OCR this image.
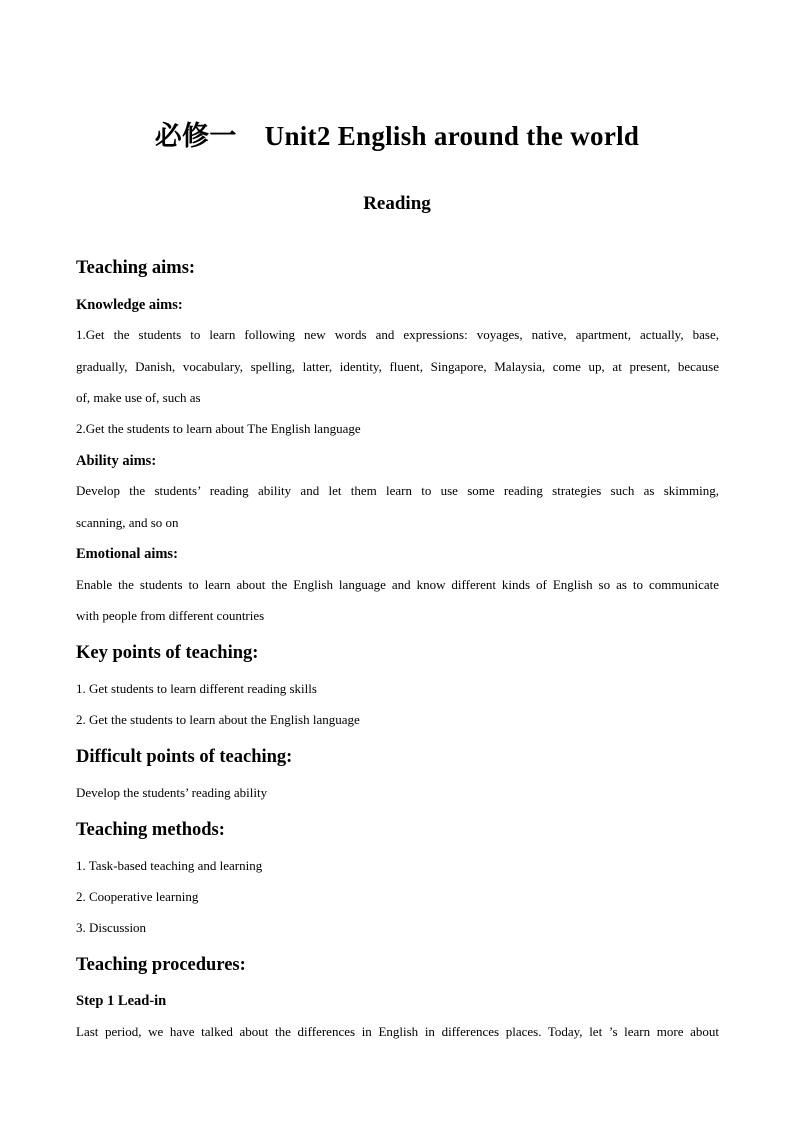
必修一 Unit2 English around the world
Reading
Teaching aims:
Knowledge aims:
1.Get the students to learn following new words and expressions: voyages, native, apartment, actually, base,
gradually, Danish, vocabulary, spelling, latter, identity, fluent, Singapore, Malaysia, come up, at present, because
of, make use of, such as
2.Get the students to learn about The English language
Ability aims:
Develop the students’ reading ability and let them learn to use some reading strategies such as skimming,
scanning, and so on
Emotional aims:
Enable the students to learn about the English language and know different kinds of English so as to communicate
with people from different countries
Key points of teaching:
1. Get students to learn different reading skills
2. Get the students to learn about the English language
Difficult points of teaching:
Develop the students’ reading ability
Teaching methods:
1. Task-based teaching and learning
2. Cooperative learning
3. Discussion
Teaching procedures:
Step 1 Lead-in
Last period, we have talked about the differences in English in differences places. Today, let ’s learn more about
